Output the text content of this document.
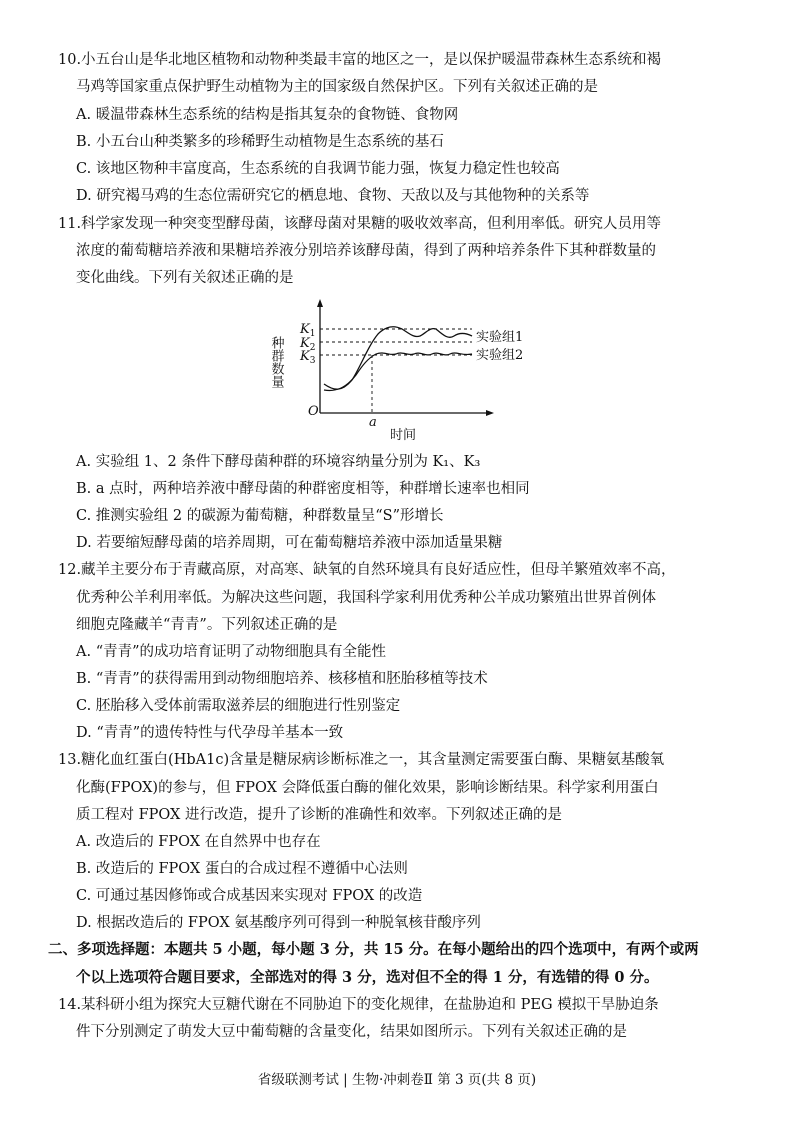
10.小五台山是华北地区植物和动物种类最丰富的地区之一，是以保护暖温带森林生态系统和褐
马鸡等国家重点保护野生动植物为主的国家级自然保护区。下列有关叙述正确的是
A. 暖温带森林生态系统的结构是指其复杂的食物链、食物网
B. 小五台山种类繁多的珍稀野生动植物是生态系统的基石
C. 该地区物种丰富度高，生态系统的自我调节能力强，恢复力稳定性也较高
D. 研究褐马鸡的生态位需研究它的栖息地、食物、天敌以及与其他物种的关系等
11.科学家发现一种突变型酵母菌，该酵母菌对果糖的吸收效率高，但利用率低。研究人员用等
浓度的葡萄糖培养液和果糖培养液分别培养该酵母菌，得到了两种培养条件下其种群数量的
变化曲线。下列有关叙述正确的是
$K_1$
$K_2$
$K_3$
O
a
时间
种群数量	实验组1
实验组2
A. 实验组 1、2 条件下酵母菌种群的环境容纳量分别为 K₁、K₃
B. a 点时，两种培养液中酵母菌的种群密度相等，种群增长速率也相同
C. 推测实验组 2 的碳源为葡萄糖，种群数量呈“S”形增长
D. 若要缩短酵母菌的培养周期，可在葡萄糖培养液中添加适量果糖
12.藏羊主要分布于青藏高原，对高寒、缺氧的自然环境具有良好适应性，但母羊繁殖效率不高，
优秀种公羊利用率低。为解决这些问题，我国科学家利用优秀种公羊成功繁殖出世界首例体
细胞克隆藏羊“青青”。下列叙述正确的是
A. “青青”的成功培育证明了动物细胞具有全能性
B. “青青”的获得需用到动物细胞培养、核移植和胚胎移植等技术
C. 胚胎移入受体前需取滋养层的细胞进行性别鉴定
D. “青青”的遗传特性与代孕母羊基本一致
13.糖化血红蛋白(HbA1c)含量是糖尿病诊断标准之一，其含量测定需要蛋白酶、果糖氨基酸氧
化酶(FPOX)的参与，但 FPOX 会降低蛋白酶的催化效果，影响诊断结果。科学家利用蛋白
质工程对 FPOX 进行改造，提升了诊断的准确性和效率。下列叙述正确的是
A. 改造后的 FPOX 在自然界中也存在
B. 改造后的 FPOX 蛋白的合成过程不遵循中心法则
C. 可通过基因修饰或合成基因来实现对 FPOX 的改造
D. 根据改造后的 FPOX 氨基酸序列可得到一种脱氧核苷酸序列
二、多项选择题：本题共 5 小题，每小题 3 分，共 15 分。在每小题给出的四个选项中，有两个或两
个以上选项符合题目要求，全部选对的得 3 分，选对但不全的得 1 分，有选错的得 0 分。
14.某科研小组为探究大豆糖代谢在不同胁迫下的变化规律，在盐胁迫和 PEG 模拟干旱胁迫条
件下分别测定了萌发大豆中葡萄糖的含量变化，结果如图所示。下列有关叙述正确的是
省级联测考试 | 生物·冲刺卷Ⅱ 第 3 页(共 8 页)
